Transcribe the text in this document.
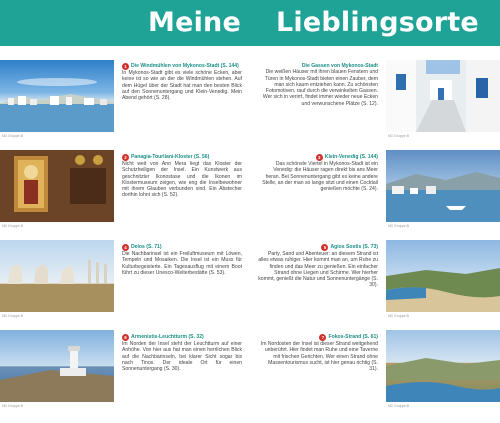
Meine Lieblingsorte
ND Gruppe.B
1 Die Windmühlen von Mykonos-Stadt (S. 144)
In Mykonos-Stadt gibt es viele schöne Ecken, aber keine ist so wie an der die Windmühlen stehen. Auf dem Hügel über der Stadt hat man den besten Blick auf den Sonnenuntergang und Klein-Venedig. Mein Abend gehört (S. 28).
Die Gassen von Mykonos-Stadt
Die weißen Häuser mit ihren blauen Fenstern und Türen in Mykonos-Stadt bieten einen Zauber, dem man sich kaum entziehen kann. Zu schönsten Fotomotiven, rauf durch die verwinkelten Gassen. Wer sich in verirrt, findet immer wieder neue Ecken und verwunschene Plätze (S. 12).
ND Gruppe.B
ND Gruppe.B
2 Panagia-Tourliani-Kloster (S. 56)
Nicht weit von Ano Mera liegt das Kloster der Schutzheiligen der Insel. Ein Kunstwerk aus geschnitzter Ikonostase und die Ikonen im Klostermuseum zeigen, wie eng die Inselbewohner mit ihrem Glauben verbunden sind. Ein Abstecher dorthin lohnt sich (S. 52).
3 Klein-Venedig (S. 144)
Das schönste Viertel in Mykonos-Stadt ist ein Venedig: die Häuser ragen direkt bis ans Meer heran. Bei Sonnenuntergang gibt es keine andere Stelle, an der man so lange sitzt und einen Cocktail genießen möchte (S. 24).
ND Gruppe.B
ND Gruppe.B
4 Delos (S. 71)
Die Nachbarinsel ist ein Freiluftmuseum mit Löwen, Tempeln und Mosaiken. Die Insel ist ein Muss für Kulturbegeisterte. Ein Tagesausflug mit einem Boot führt zu dieser Unesco-Welterbestätte (S. 53).
5 Agios Sostis (S. 73)
Party, Sand und Abenteuer: an diesem Strand ist alles etwas ruhiger. Hier kommt man an, um Ruhe zu finden und das Meer zu genießen. Ein einfacher Strand ohne Liegen und Schirme. Wer hierher kommt, genießt die Natur und Sonnenuntergänge (S. 30).
ND Gruppe.B
ND Gruppe.B
6 Armenistis-Leuchtturm (S. 32)
Im Norden der Insel steht der Leuchtturm auf einer Anhöhe. Von hier aus hat man einen herrlichen Blick auf die Nachbarinseln, bei klarer Sicht sogar bis nach Tinos. Der ideale Ort für einen Sonnenuntergang (S. 30).
7 Fokos-Strand (S. 61)
Im Nordosten der Insel ist dieser Strand weitgehend unberührt. Hier findet man Ruhe und eine Taverne mit frischen Gerichten. Wer einen Strand ohne Massentourismus sucht, ist hier genau richtig (S. 31).
ND Gruppe.B
